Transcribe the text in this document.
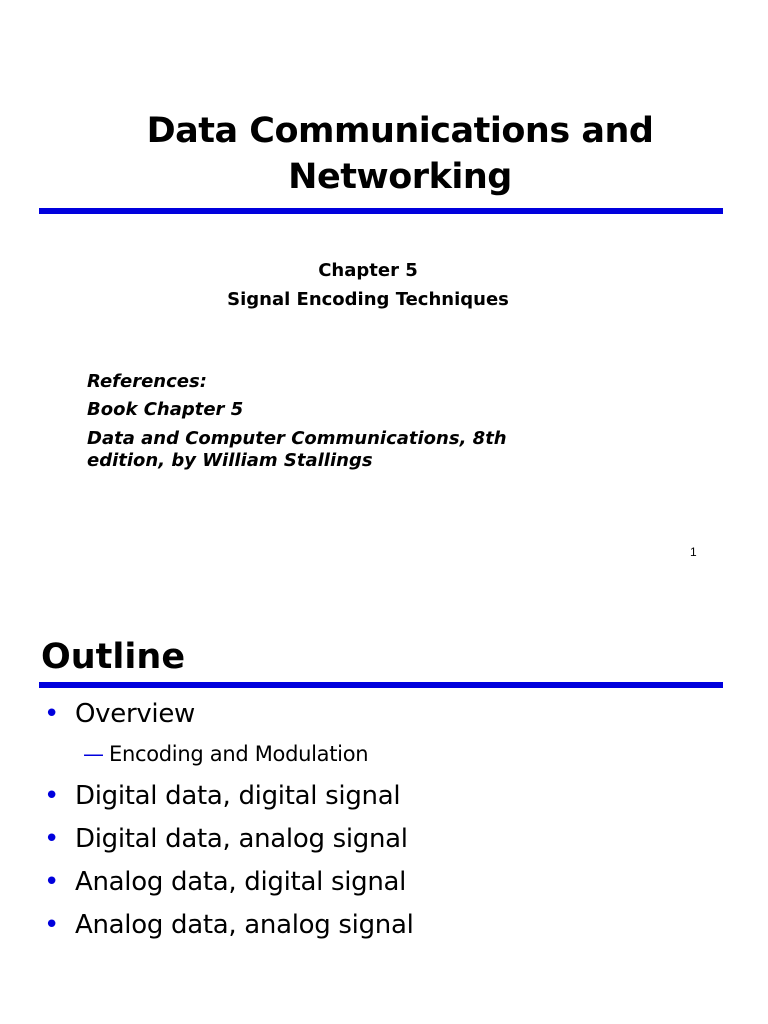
Data Communications and
Networking
Chapter 5
Signal Encoding Techniques
References:
Book Chapter 5
Data and Computer Communications, 8th
edition, by William Stallings
1
Outline
• Overview
— Encoding and Modulation
• Digital data, digital signal
• Digital data, analog signal
• Analog data, digital signal
• Analog data, analog signal
